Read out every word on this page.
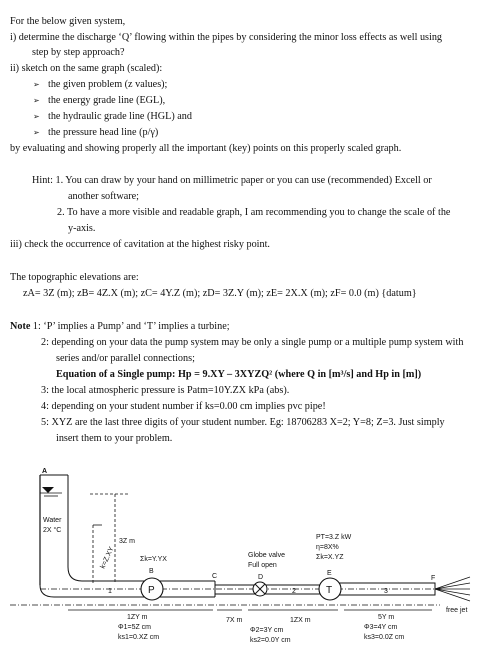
For the below given system,
i) determine the discharge ‘Q’ flowing within the pipes by considering the minor loss effects as well using
step by step approach?
ii) sketch on the same graph (scaled):
➢ the given problem (z values);
➢ the energy grade line (EGL),
➢ the hydraulic grade line (HGL) and
➢ the pressure head line (p/γ)
by evaluating and showing properly all the important (key) points on this properly scaled graph.
Hint: 1. You can draw by your hand on millimetric paper or you can use (recommended) Excell or
another software;
2. To have a more visible and readable graph, I am recommending you to change the scale of the
y-axis.
iii) check the occurrence of cavitation at the highest risky point.
The topographic elevations are:
zA= 3Z (m); zB= 4Z.X (m); zC= 4Y.Z (m); zD= 3Z.Y (m); zE= 2X.X (m); zF= 0.0 (m) {datum}
Note 1: ‘P’ implies a Pump’ and ‘T’ implies a turbine;
2: depending on your data the pump system may be only a single pump or a multiple pump system with
series and/or parallel connections;
Equation of a Single pump: Hp = 9.XY – 3XYZQ² (where Q in [m³/s] and Hp in [m])
3: the local atmospheric pressure is Patm=10Y.ZX kPa (abs).
4: depending on your student number if ks=0.00 cm implies pvc pipe!
5: XYZ are the last three digits of your student number. Eg: 18706283 X=2; Y=8; Z=3. Just simply
insert them to your problem.
A
Water
2X °C
k=Z.XY
3Z m
1	2	3
P
Σk=Y.YX
B
C
Globe valve
Full open
D
T
PT=3.Z kW
η=8X%
Σk=X.YZ
E
F
free jet
1ZY m
Φ1=5Z cm
ks1=0.XZ cm
7X m	1ZX m
Φ2=3Y cm
ks2=0.0Y cm
5Y m
Φ3=4Y cm
ks3=0.0Z cm
